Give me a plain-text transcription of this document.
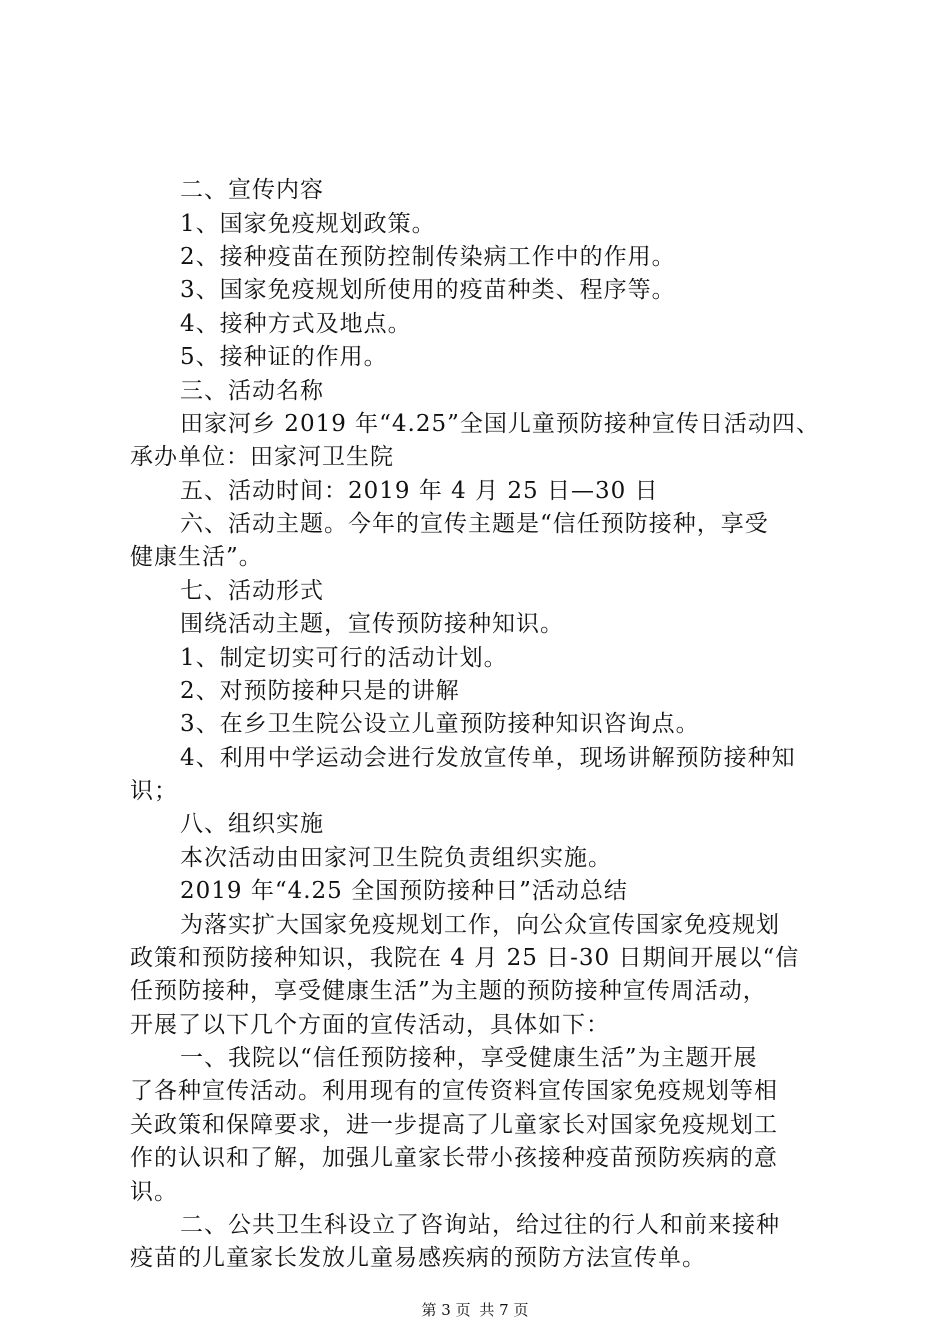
二、宣传内容
1、国家免疫规划政策。
2、接种疫苗在预防控制传染病工作中的作用。
3、国家免疫规划所使用的疫苗种类、程序等。
4、接种方式及地点。
5、接种证的作用。
三、活动名称
田家河乡 2019 年“4.25”全国儿童预防接种宣传日活动四、
承办单位：田家河卫生院
五、活动时间：2019 年 4 月 25 日—30 日
六、活动主题。今年的宣传主题是“信任预防接种，享受
健康生活”。
七、活动形式
围绕活动主题，宣传预防接种知识。
1、制定切实可行的活动计划。
2、对预防接种只是的讲解
3、在乡卫生院公设立儿童预防接种知识咨询点。
4、利用中学运动会进行发放宣传单，现场讲解预防接种知
识；
八、组织实施
本次活动由田家河卫生院负责组织实施。
2019 年“4.25 全国预防接种日”活动总结
为落实扩大国家免疫规划工作，向公众宣传国家免疫规划
政策和预防接种知识，我院在 4 月 25 日-30 日期间开展以“信
任预防接种，享受健康生活”为主题的预防接种宣传周活动，
开展了以下几个方面的宣传活动，具体如下：
一、我院以“信任预防接种，享受健康生活”为主题开展
了各种宣传活动。利用现有的宣传资料宣传国家免疫规划等相
关政策和保障要求，进一步提高了儿童家长对国家免疫规划工
作的认识和了解，加强儿童家长带小孩接种疫苗预防疾病的意
识。
二、公共卫生科设立了咨询站，给过往的行人和前来接种
疫苗的儿童家长发放儿童易感疾病的预防方法宣传单。
第 3 页 共 7 页
